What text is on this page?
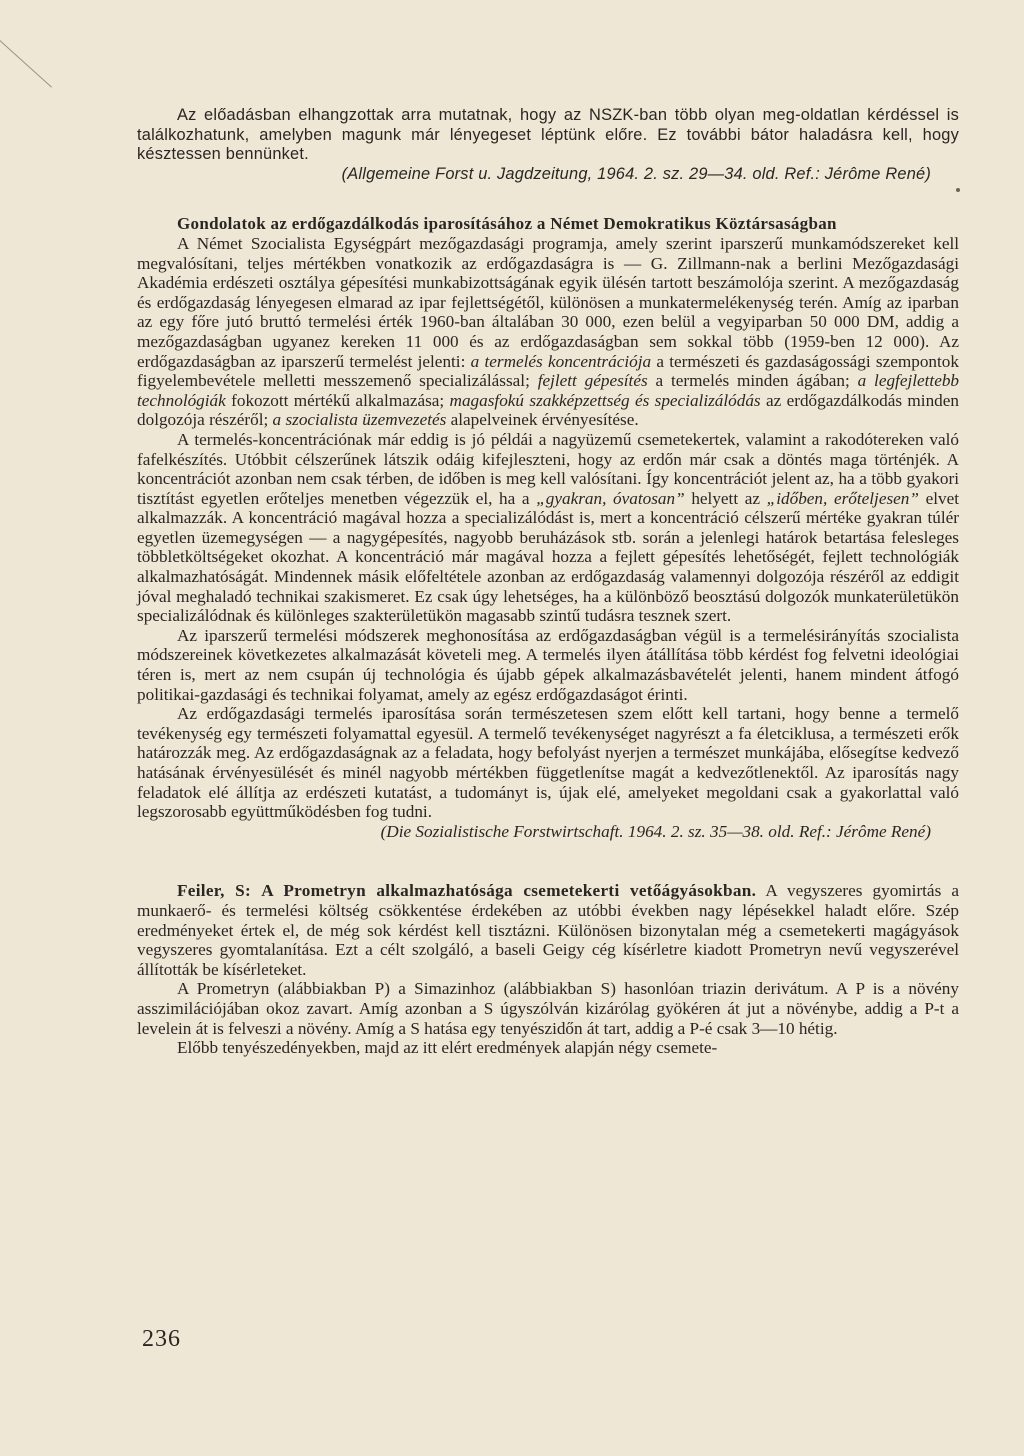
Az előadásban elhangzottak arra mutatnak, hogy az NSZK-ban több olyan meg-oldatlan kérdéssel is találkozhatunk, amelyben magunk már lényegeset léptünk előre. Ez további bátor haladásra kell, hogy késztessen bennünket.

(Allgemeine Forst u. Jagdzeitung, 1964. 2. sz. 29—34. old. Ref.: Jérôme René)

Gondolatok az erdőgazdálkodás iparosításához a Német Demokratikus Köztársaságban

A Német Szocialista Egységpárt mezőgazdasági programja, amely szerint iparszerű munkamódszereket kell megvalósítani, teljes mértékben vonatkozik az erdőgazdaságra is — G. Zillmann-nak a berlini Mezőgazdasági Akadémia erdészeti osztálya gépesítési munkabizottságának egyik ülésén tartott beszámolója szerint. A mezőgazdaság és erdőgazdaság lényegesen elmarad az ipar fejlettségétől, különösen a munkatermelékenység terén. Amíg az iparban az egy főre jutó bruttó termelési érték 1960-ban általában 30 000, ezen belül a vegyiparban 50 000 DM, addig a mezőgazdaságban ugyanez kereken 11 000 és az erdőgazdaságban sem sokkal több (1959-ben 12 000). Az erdőgazdaságban az iparszerű termelést jelenti: a termelés koncentrációja a természeti és gazdaságossági szempontok figyelembevétele melletti messzemenő specializálással; fejlett gépesítés a termelés minden ágában; a legfejlettebb technológiák fokozott mértékű alkalmazása; magasfokú szakképzettség és specializálódás az erdőgazdálkodás minden dolgozója részéről; a szocialista üzemvezetés alapelveinek érvényesítése.

A termelés-koncentrációnak már eddig is jó példái a nagyüzemű csemetekertek, valamint a rakodótereken való fafelkészítés. Utóbbit célszerűnek látszik odáig kifejleszteni, hogy az erdőn már csak a döntés maga történjék. A koncentrációt azonban nem csak térben, de időben is meg kell valósítani. Így koncentrációt jelent az, ha a több gyakori tisztítást egyetlen erőteljes menetben végezzük el, ha a „gyakran, óvatosan” helyett az „időben, erőteljesen” elvet alkalmazzák. A koncentráció magával hozza a specializálódást is, mert a koncentráció célszerű mértéke gyakran túlér egyetlen üzemegységen — a nagygépesítés, nagyobb beruházások stb. során a jelenlegi határok betartása felesleges többletköltségeket okozhat. A koncentráció már magával hozza a fejlett gépesítés lehetőségét, fejlett technológiák alkalmazhatóságát. Mindennek másik előfeltétele azonban az erdőgazdaság valamennyi dolgozója részéről az eddigit jóval meghaladó technikai szakismeret. Ez csak úgy lehetséges, ha a különböző beosztású dolgozók munkaterületükön specializálódnak és különleges szakterületükön magasabb szintű tudásra tesznek szert.

Az iparszerű termelési módszerek meghonosítása az erdőgazdaságban végül is a termelésirányítás szocialista módszereinek következetes alkalmazását követeli meg. A termelés ilyen átállítása több kérdést fog felvetni ideológiai téren is, mert az nem csupán új technológia és újabb gépek alkalmazásbavételét jelenti, hanem mindent átfogó politikai-gazdasági és technikai folyamat, amely az egész erdőgazdaságot érinti.

Az erdőgazdasági termelés iparosítása során természetesen szem előtt kell tartani, hogy benne a termelő tevékenység egy természeti folyamattal egyesül. A termelő tevékenységet nagyrészt a fa életciklusa, a természeti erők határozzák meg. Az erdőgazdaságnak az a feladata, hogy befolyást nyerjen a természet munkájába, elősegítse kedvező hatásának érvényesülését és minél nagyobb mértékben függetlenítse magát a kedvezőtlenektől. Az iparosítás nagy feladatok elé állítja az erdészeti kutatást, a tudományt is, újak elé, amelyeket megoldani csak a gyakorlattal való legszorosabb együttműködésben fog tudni.

(Die Sozialistische Forstwirtschaft. 1964. 2. sz. 35—38. old. Ref.: Jérôme René)

Feiler, S: A Prometryn alkalmazhatósága csemetekerti vetőágyásokban. A vegyszeres gyomirtás a munkaerő- és termelési költség csökkentése érdekében az utóbbi években nagy lépésekkel haladt előre. Szép eredményeket értek el, de még sok kérdést kell tisztázni. Különösen bizonytalan még a csemetekerti magágyások vegyszeres gyomtalanítása. Ezt a célt szolgáló, a baseli Geigy cég kísérletre kiadott Prometryn nevű vegyszerével állították be kísérleteket.

A Prometryn (alábbiakban P) a Simazinhoz (alábbiakban S) hasonlóan triazin derivátum. A P is a növény asszimilációjában okoz zavart. Amíg azonban a S úgyszólván kizárólag gyökéren át jut a növénybe, addig a P-t a levelein át is felveszi a növény. Amíg a S hatása egy tenyészidőn át tart, addig a P-é csak 3—10 hétig.

Előbb tenyészedényekben, majd az itt elért eredmények alapján négy csemete-

236
